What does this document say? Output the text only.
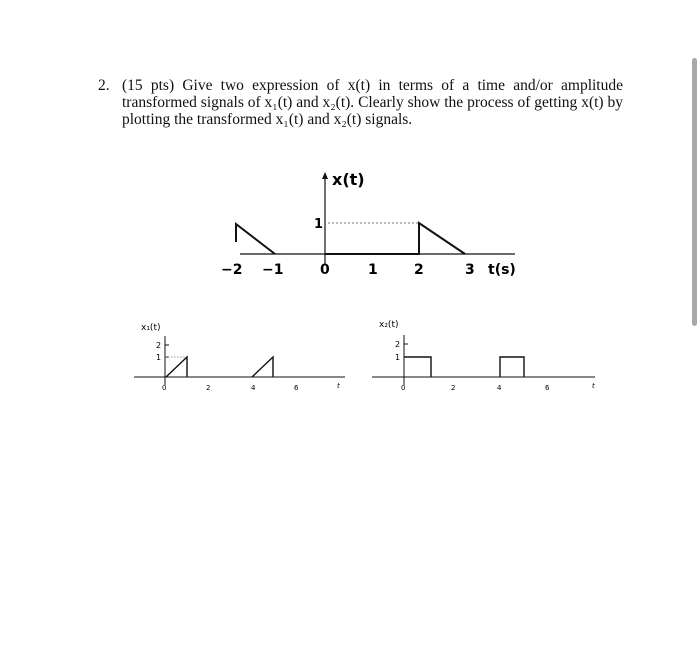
2. (15 pts) Give two expression of x(t) in terms of a time and/or amplitude
transformed signals of x₁(t) and x₂(t). Clearly show the process of getting x(t) by
plotting the transformed x₁(t) and x₂(t) signals.
x(t)
1
−2 −1	0	1	2	3 t(s)
x₁(t)
2
1
0	2	4	6	t
x₂(t)
2
1
0	2	4	6	t
